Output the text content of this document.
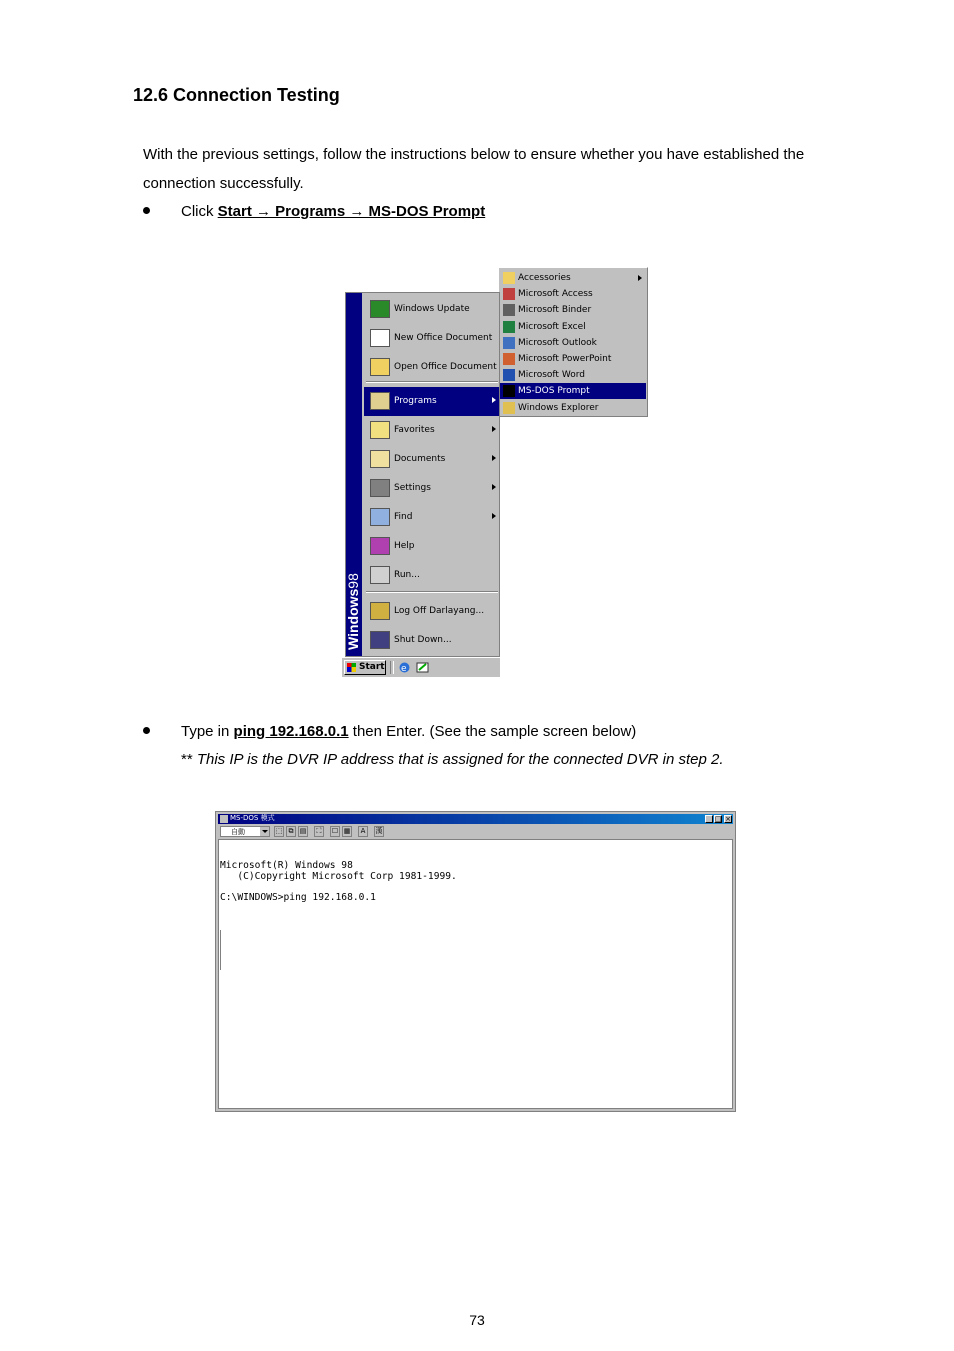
12.6 Connection Testing
With the previous settings, follow the instructions below to ensure whether you have established the connection successfully.
Click Start → Programs → MS-DOS Prompt
Accessories
Microsoft Access
Microsoft Binder
Microsoft Excel
Microsoft Outlook
Microsoft PowerPoint
Microsoft Word
MS-DOS Prompt
Windows Explorer
Windows98
Windows Update
New Office Document
Open Office Document
Programs
Favorites
Documents
Settings
Find
Help
Run...
Log Off Darlayang...
Shut Down...
Start e
Type in ping 192.168.0.1 then Enter. (See the sample screen below)
** This IP is the DVR IP address that is assigned for the connected DVR in step 2.
MS-DOS 模式	_ □ ×
自動	⬚ ⧉ ▤	⛶	☐ ▦	A	漢
Microsoft(R) Windows 98
(C)Copyright Microsoft Corp 1981-1999.

C:\WINDOWS>ping 192.168.0.1
73
